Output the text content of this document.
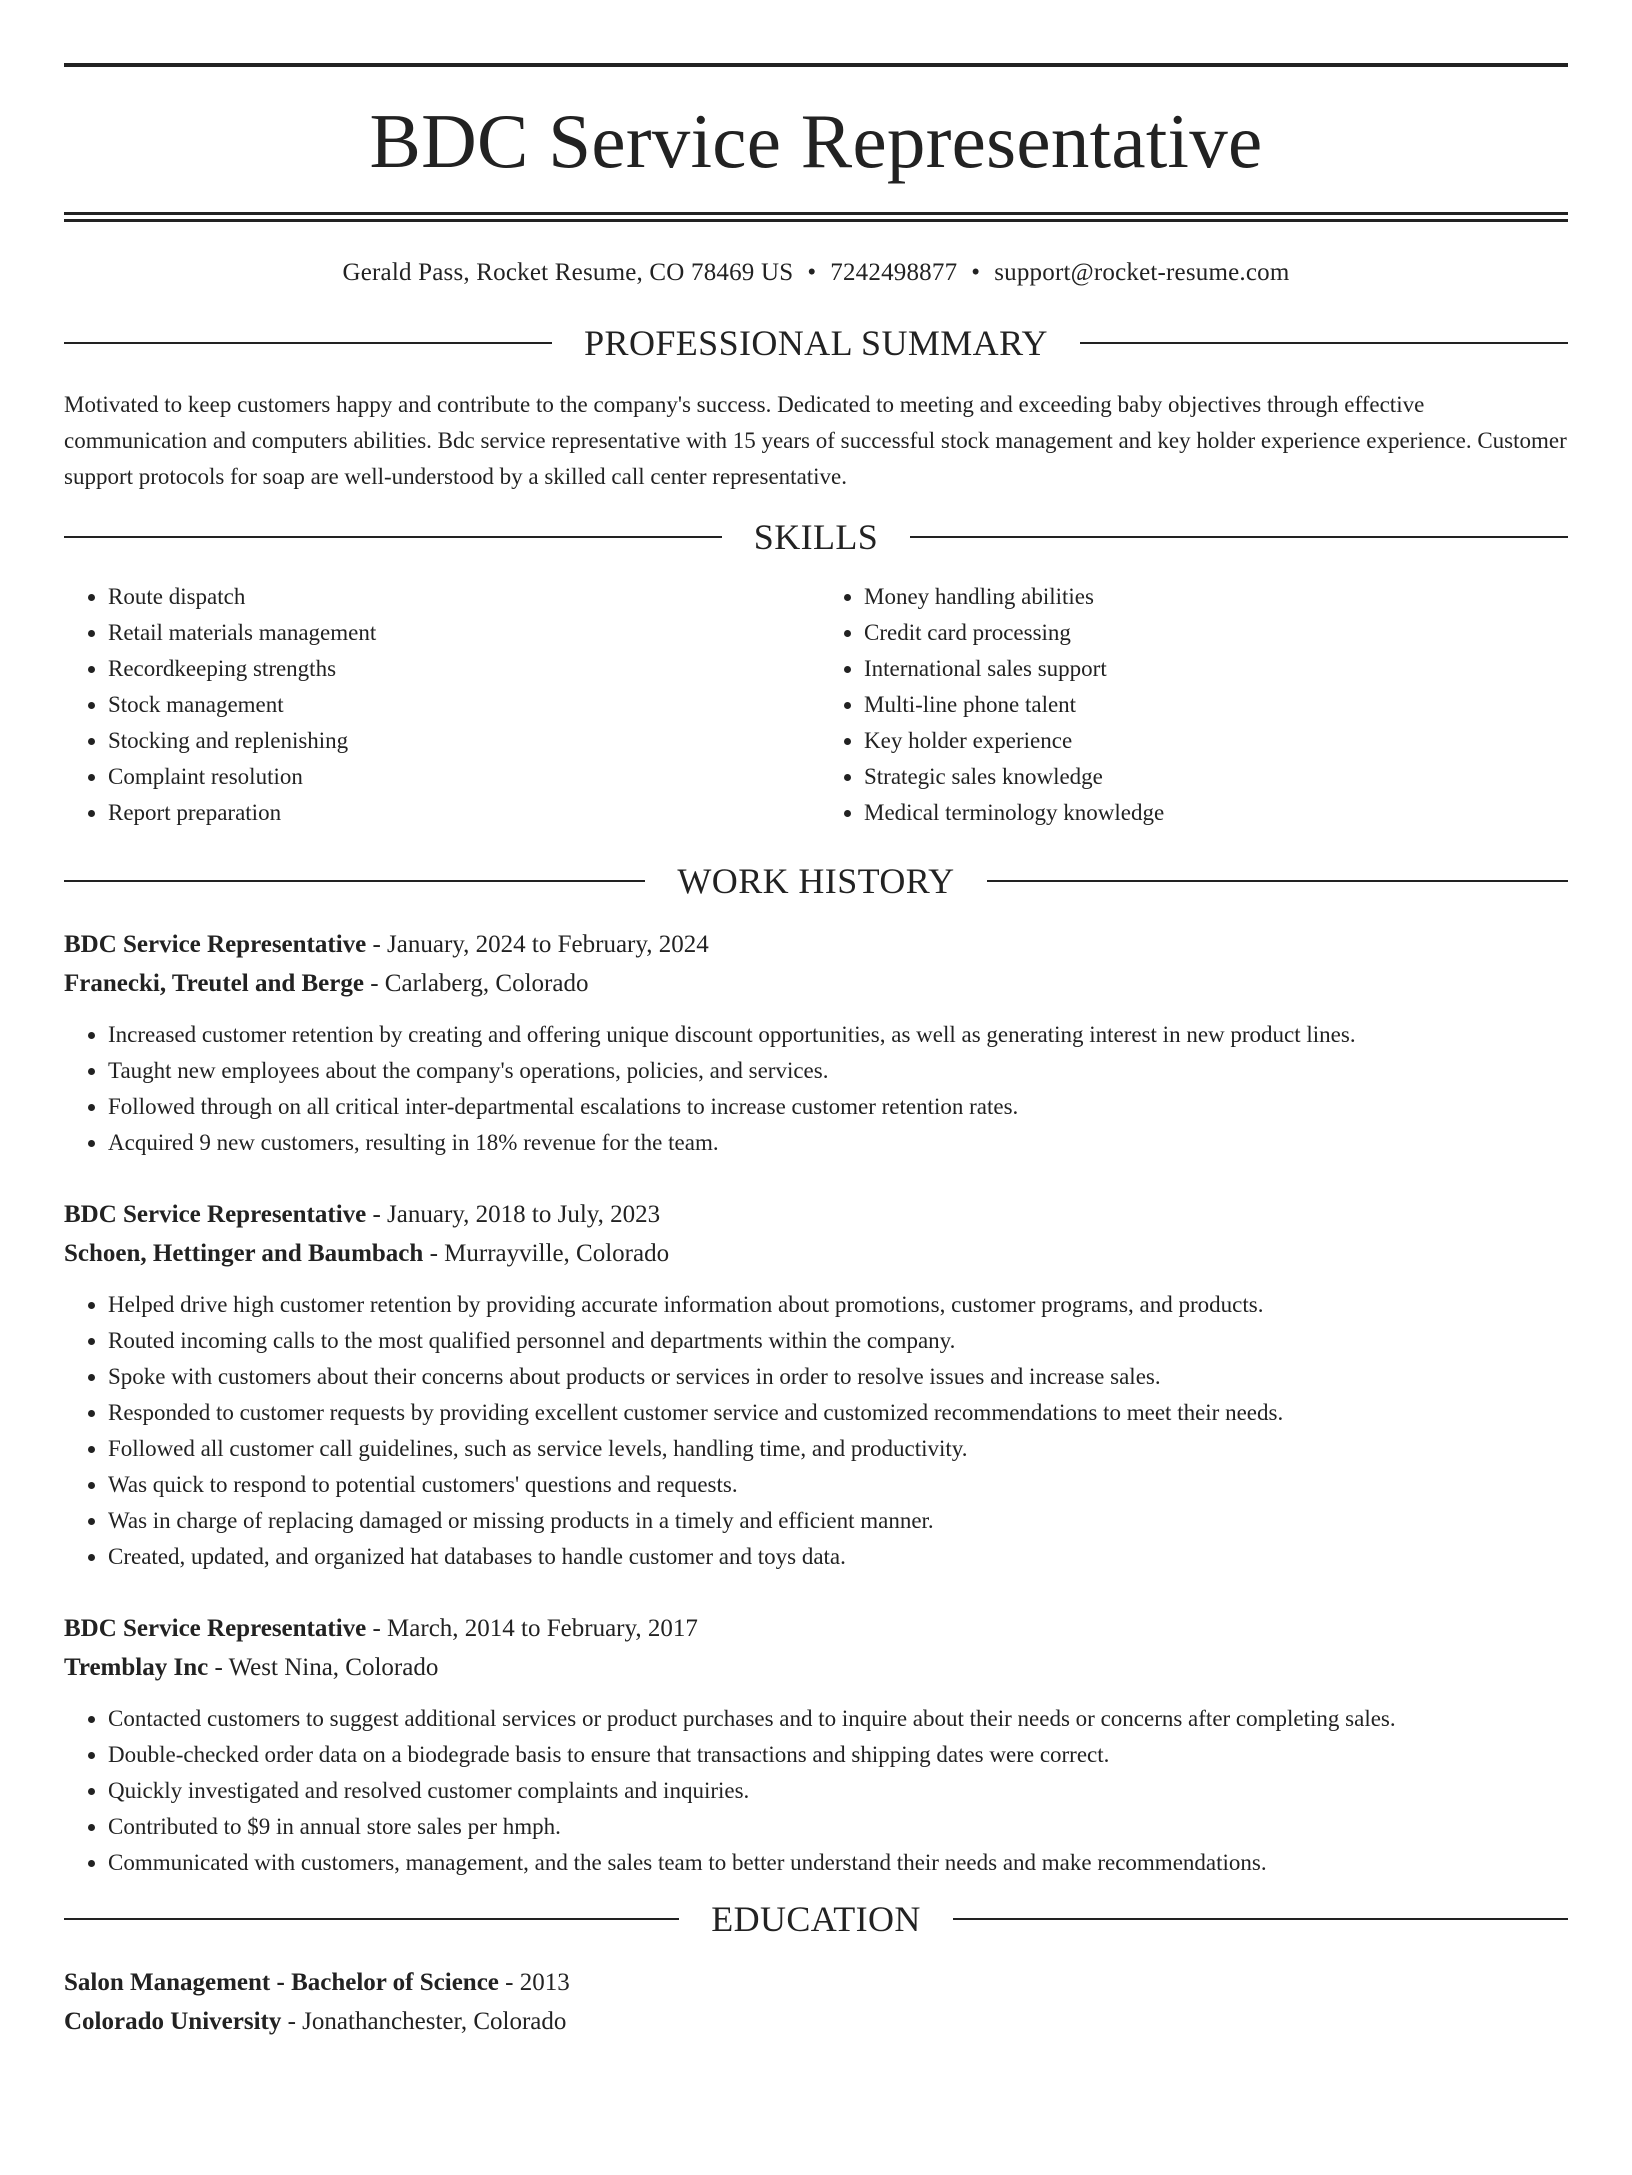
BDC Service Representative
Gerald Pass, Rocket Resume, CO 78469 US • 7242498877 • support@rocket-resume.com
PROFESSIONAL SUMMARY

Motivated to keep customers happy and contribute to the company's success. Dedicated to meeting and exceeding baby objectives through effective communication and computers abilities. Bdc service representative with 15 years of successful stock management and key holder experience experience. Customer support protocols for soap are well-understood by a skilled call center representative.

SKILLS
• Route dispatch
• Retail materials management
• Recordkeeping strengths
• Stock management
• Stocking and replenishing
• Complaint resolution
• Report preparation
• Money handling abilities
• Credit card processing
• International sales support
• Multi-line phone talent
• Key holder experience
• Strategic sales knowledge
• Medical terminology knowledge
WORK HISTORY
BDC Service Representative - January, 2024 to February, 2024
Franecki, Treutel and Berge - Carlaberg, Colorado
• Increased customer retention by creating and offering unique discount opportunities, as well as generating interest in new product lines.
• Taught new employees about the company's operations, policies, and services.
• Followed through on all critical inter-departmental escalations to increase customer retention rates.
• Acquired 9 new customers, resulting in 18% revenue for the team.
BDC Service Representative - January, 2018 to July, 2023
Schoen, Hettinger and Baumbach - Murrayville, Colorado
• Helped drive high customer retention by providing accurate information about promotions, customer programs, and products.
• Routed incoming calls to the most qualified personnel and departments within the company.
• Spoke with customers about their concerns about products or services in order to resolve issues and increase sales.
• Responded to customer requests by providing excellent customer service and customized recommendations to meet their needs.
• Followed all customer call guidelines, such as service levels, handling time, and productivity.
• Was quick to respond to potential customers' questions and requests.
• Was in charge of replacing damaged or missing products in a timely and efficient manner.
• Created, updated, and organized hat databases to handle customer and toys data.
BDC Service Representative - March, 2014 to February, 2017
Tremblay Inc - West Nina, Colorado
• Contacted customers to suggest additional services or product purchases and to inquire about their needs or concerns after completing sales.
• Double-checked order data on a biodegrade basis to ensure that transactions and shipping dates were correct.
• Quickly investigated and resolved customer complaints and inquiries.
• Contributed to $9 in annual store sales per hmph.
• Communicated with customers, management, and the sales team to better understand their needs and make recommendations.
EDUCATION
Salon Management - Bachelor of Science - 2013
Colorado University - Jonathanchester, Colorado
